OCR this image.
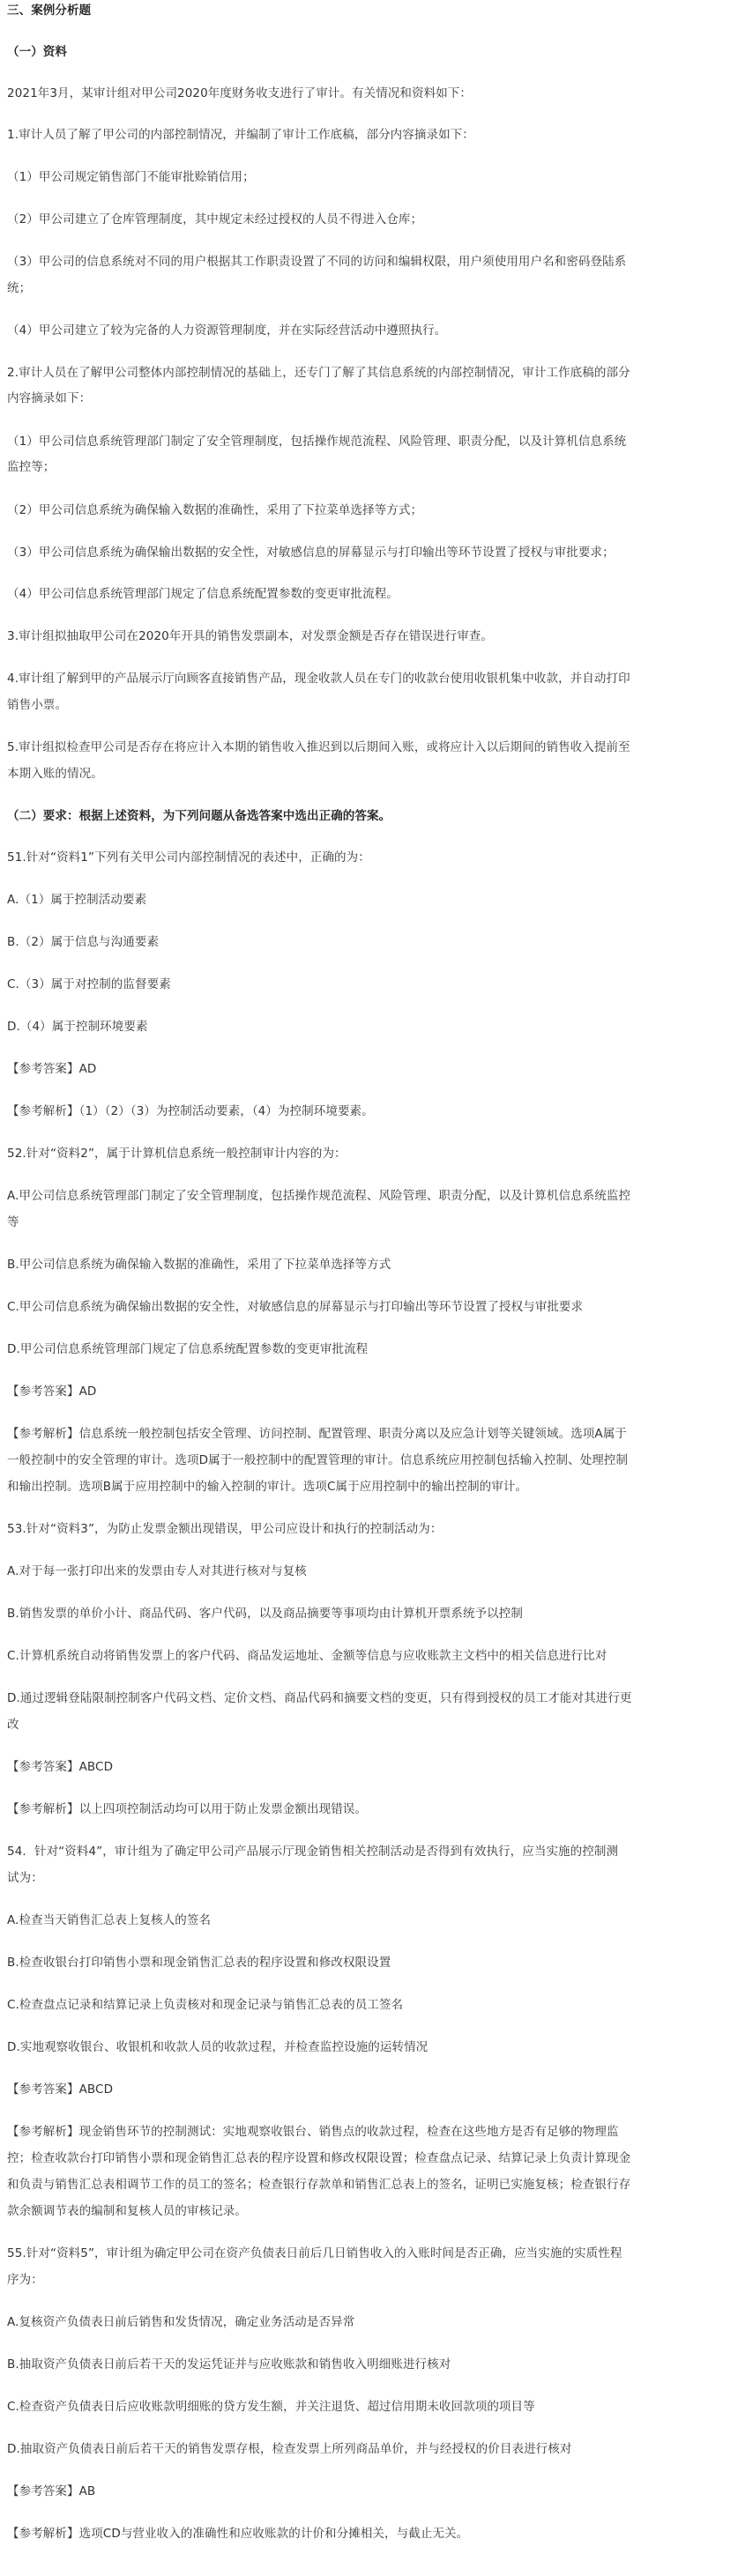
三、案例分析题
（一）资料
2021年3月，某审计组对甲公司2020年度财务收支进行了审计。有关情况和资料如下：
1.审计人员了解了甲公司的内部控制情况，并编制了审计工作底稿，部分内容摘录如下：
（1）甲公司规定销售部门不能审批赊销信用；
（2）甲公司建立了仓库管理制度，其中规定未经过授权的人员不得进入仓库；
（3）甲公司的信息系统对不同的用户根据其工作职责设置了不同的访问和编辑权限，用户须使用用户名和密码登陆系
统；
（4）甲公司建立了较为完备的人力资源管理制度，并在实际经营活动中遵照执行。
2.审计人员在了解甲公司整体内部控制情况的基础上，还专门了解了其信息系统的内部控制情况，审计工作底稿的部分
内容摘录如下：
（1）甲公司信息系统管理部门制定了安全管理制度，包括操作规范流程、风险管理、职责分配，以及计算机信息系统
监控等；
（2）甲公司信息系统为确保输入数据的准确性，采用了下拉菜单选择等方式；
（3）甲公司信息系统为确保输出数据的安全性，对敏感信息的屏幕显示与打印输出等环节设置了授权与审批要求；
（4）甲公司信息系统管理部门规定了信息系统配置参数的变更审批流程。
3.审计组拟抽取甲公司在2020年开具的销售发票副本，对发票金额是否存在错误进行审查。
4.审计组了解到甲的产品展示厅向顾客直接销售产品，现金收款人员在专门的收款台使用收银机集中收款，并自动打印
销售小票。
5.审计组拟检查甲公司是否存在将应计入本期的销售收入推迟到以后期间入账，或将应计入以后期间的销售收入提前至
本期入账的情况。
（二）要求：根据上述资料，为下列问题从备选答案中选出正确的答案。
51.针对“资料1”下列有关甲公司内部控制情况的表述中，正确的为：
A.（1）属于控制活动要素
B.（2）属于信息与沟通要素
C.（3）属于对控制的监督要素
D.（4）属于控制环境要素
【参考答案】AD
【参考解析】（1）（2）（3）为控制活动要素，（4）为控制环境要素。
52.针对“资料2”，属于计算机信息系统一般控制审计内容的为：
A.甲公司信息系统管理部门制定了安全管理制度，包括操作规范流程、风险管理、职责分配，以及计算机信息系统监控
等
B.甲公司信息系统为确保输入数据的准确性，采用了下拉菜单选择等方式
C.甲公司信息系统为确保输出数据的安全性，对敏感信息的屏幕显示与打印输出等环节设置了授权与审批要求
D.甲公司信息系统管理部门规定了信息系统配置参数的变更审批流程
【参考答案】AD
【参考解析】信息系统一般控制包括安全管理、访问控制、配置管理、职责分离以及应急计划等关键领域。选项A属于
一般控制中的安全管理的审计。选项D属于一般控制中的配置管理的审计。信息系统应用控制包括输入控制、处理控制
和输出控制。选项B属于应用控制中的输入控制的审计。选项C属于应用控制中的输出控制的审计。
53.针对“资料3”，为防止发票金额出现错误，甲公司应设计和执行的控制活动为：
A.对于每一张打印出来的发票由专人对其进行核对与复核
B.销售发票的单价小计、商品代码、客户代码，以及商品摘要等事项均由计算机开票系统予以控制
C.计算机系统自动将销售发票上的客户代码、商品发运地址、金额等信息与应收账款主文档中的相关信息进行比对
D.通过逻辑登陆限制控制客户代码文档、定价文档、商品代码和摘要文档的变更，只有得到授权的员工才能对其进行更
改
【参考答案】ABCD
【参考解析】以上四项控制活动均可以用于防止发票金额出现错误。
54．针对“资料4”，审计组为了确定甲公司产品展示厅现金销售相关控制活动是否得到有效执行，应当实施的控制测
试为：
A.检查当天销售汇总表上复核人的签名
B.检查收银台打印销售小票和现金销售汇总表的程序设置和修改权限设置
C.检查盘点记录和结算记录上负责核对和现金记录与销售汇总表的员工签名
D.实地观察收银台、收银机和收款人员的收款过程，并检查监控设施的运转情况
【参考答案】ABCD
【参考解析】现金销售环节的控制测试：实地观察收银台、销售点的收款过程，检查在这些地方是否有足够的物理监
控；检查收款台打印销售小票和现金销售汇总表的程序设置和修改权限设置；检查盘点记录、结算记录上负责计算现金
和负责与销售汇总表相调节工作的员工的签名；检查银行存款单和销售汇总表上的签名，证明已实施复核；检查银行存
款余额调节表的编制和复核人员的审核记录。
55.针对“资料5”，审计组为确定甲公司在资产负债表日前后几日销售收入的入账时间是否正确，应当实施的实质性程
序为：
A.复核资产负债表日前后销售和发货情况，确定业务活动是否异常
B.抽取资产负债表日前后若干天的发运凭证并与应收账款和销售收入明细账进行核对
C.检查资产负债表日后应收账款明细账的贷方发生额，并关注退货、超过信用期未收回款项的项目等
D.抽取资产负债表日前后若干天的销售发票存根，检查发票上所列商品单价，并与经授权的价目表进行核对
【参考答案】AB
【参考解析】选项CD与营业收入的准确性和应收账款的计价和分摊相关，与截止无关。
